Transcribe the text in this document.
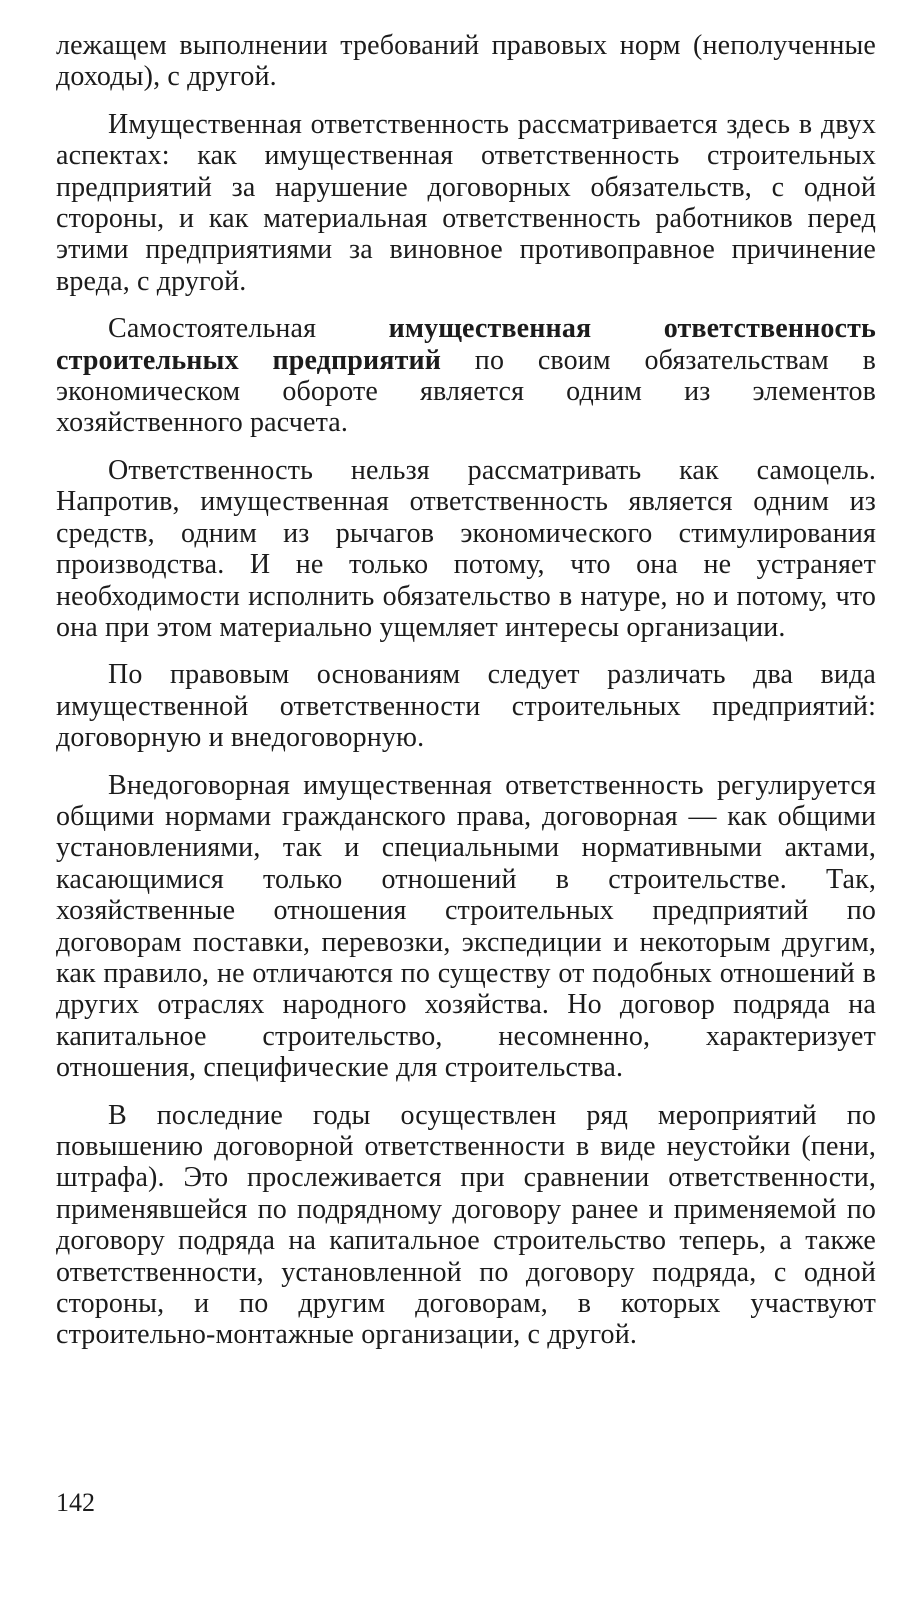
лежащем выполнении требований правовых норм (неполученные доходы), с другой.

Имущественная ответственность рассматривается здесь в двух аспектах: как имущественная ответственность строительных предприятий за нарушение договорных обязательств, с одной стороны, и как материальная ответственность работников перед этими предприятиями за виновное противоправное причинение вреда, с другой.

Самостоятельная имущественная ответственность строительных предприятий по своим обязательствам в экономическом обороте является одним из элементов хозяйственного расчета.

Ответственность нельзя рассматривать как самоцель. Напротив, имущественная ответственность является одним из средств, одним из рычагов экономического стимулирования производства. И не только потому, что она не устраняет необходимости исполнить обязательство в натуре, но и потому, что она при этом материально ущемляет интересы организации.

По правовым основаниям следует различать два вида имущественной ответственности строительных предприятий: договорную и внедоговорную.

Внедоговорная имущественная ответственность регулируется общими нормами гражданского права, договорная — как общими установлениями, так и специальными нормативными актами, касающимися только отношений в строительстве. Так, хозяйственные отношения строительных предприятий по договорам поставки, перевозки, экспедиции и некоторым другим, как правило, не отличаются по существу от подобных отношений в других отраслях народного хозяйства. Но договор подряда на капитальное строительство, несомненно, характеризует отношения, специфические для строительства.

В последние годы осуществлен ряд мероприятий по повышению договорной ответственности в виде неустойки (пени, штрафа). Это прослеживается при сравнении ответственности, применявшейся по подрядному договору ранее и применяемой по договору подряда на капитальное строительство теперь, а также ответственности, установленной по договору подряда, с одной стороны, и по другим договорам, в которых участвуют строительно-монтажные организации, с другой.

142
